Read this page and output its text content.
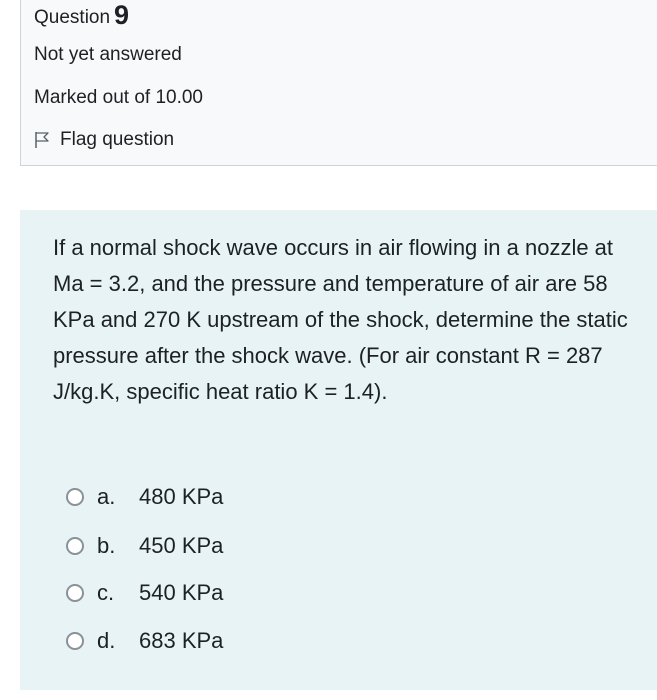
Question 9
Not yet answered
Marked out of 10.00
Flag question
If a normal shock wave occurs in air flowing in a nozzle at Ma = 3.2, and the pressure and temperature of air are 58 KPa and 270 K upstream of the shock, determine the static pressure after the shock wave. (For air constant R = 287 J/kg.K, specific heat ratio K = 1.4).
a.	480 KPa
b.	450 KPa
c.	540 KPa
d.	683 KPa
